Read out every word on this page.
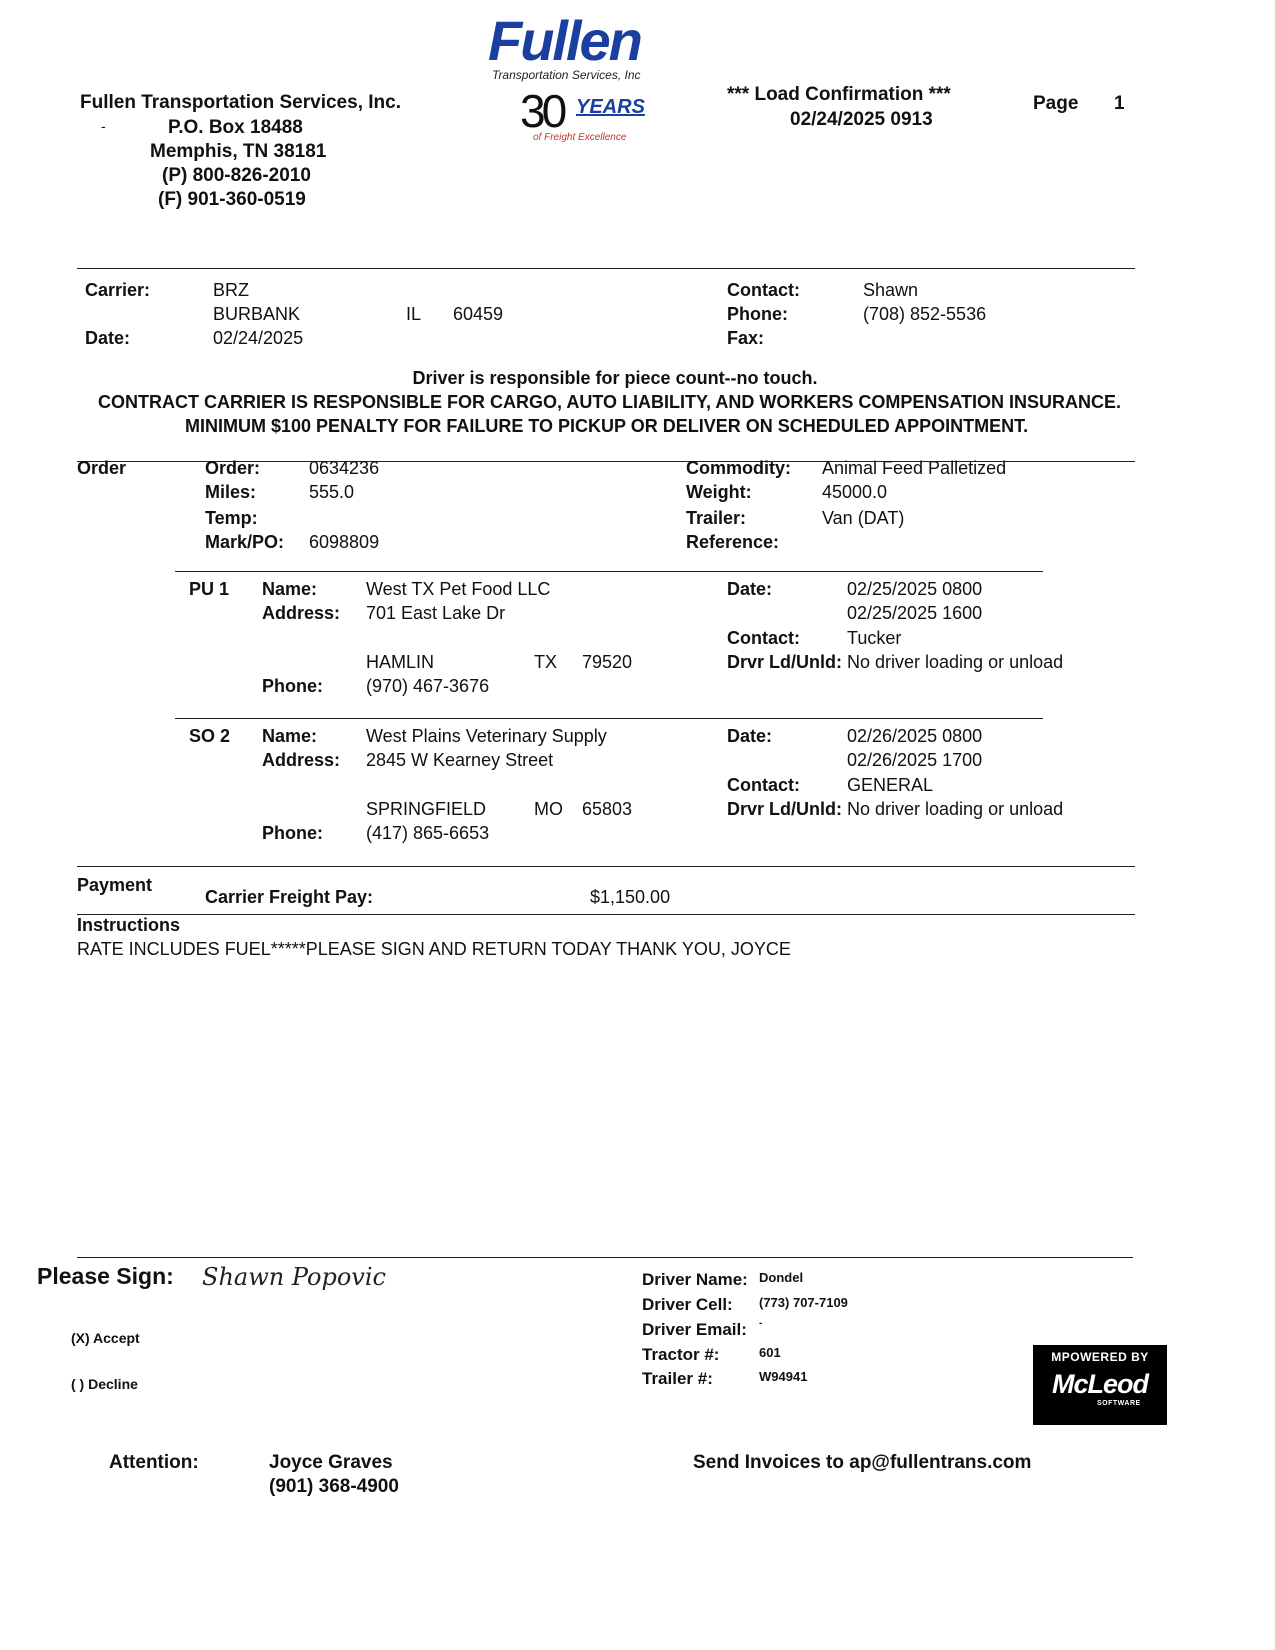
Fullen Transportation Services, Inc.
-	P.O. Box 18488
Memphis, TN 38181
(P) 800-826-2010
(F) 901-360-0519
Fullen
Transportation Services, Inc
30 YEARS
of Freight Excellence
*** Load Confirmation ***
02/24/2025 0913
Page 1
Carrier:	BRZ
BURBANK	IL 60459
Date:	02/24/2025
Contact:	Shawn
Phone:	(708) 852-5536
Fax:
Driver is responsible for piece count--no touch.
CONTRACT CARRIER IS RESPONSIBLE FOR CARGO, AUTO LIABILITY, AND WORKERS COMPENSATION INSURANCE.
MINIMUM $100 PENALTY FOR FAILURE TO PICKUP OR DELIVER ON SCHEDULED APPOINTMENT.
Order	Order:	0634236
Miles:	555.0
Temp:
Mark/PO: 6098809
Commodity: Animal Feed Palletized
Weight:	45000.0
Trailer:	Van (DAT)
Reference:
PU 1 Name:	West TX Pet Food LLC
Address: 701 East Lake Dr
HAMLIN	TX 79520
Phone: (970) 467-3676
Date:	02/25/2025 0800
02/25/2025 1600
Contact:	Tucker
Drvr Ld/Unld: No driver loading or unload
SO 2 Name:	West Plains Veterinary Supply
Address: 2845 W Kearney Street
SPRINGFIELD	MO 65803
Phone: (417) 865-6653
Date:	02/26/2025 0800
02/26/2025 1700
Contact:	GENERAL
Drvr Ld/Unld: No driver loading or unload
Payment
Carrier Freight Pay:	$1,150.00
Instructions
RATE INCLUDES FUEL*****PLEASE SIGN AND RETURN TODAY THANK YOU, JOYCE
Please Sign: Shawn Popovic
(X) Accept
( ) Decline
Driver Name: Dondel
Driver Cell: (773) 707-7109
Driver Email: -
Tractor #:	601
Trailer #:	W94941
MPOWERED BY
McLeod
SOFTWARE
Attention:	Joyce Graves
(901) 368-4900
Send Invoices to ap@fullentrans.com
